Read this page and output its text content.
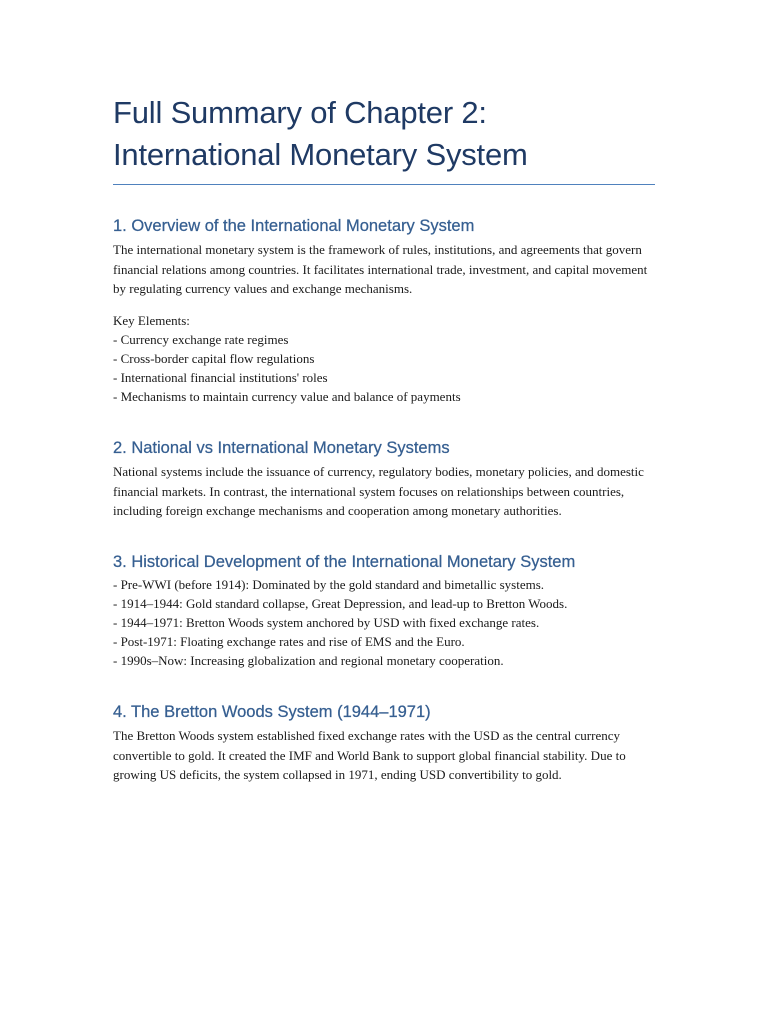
Full Summary of Chapter 2:
International Monetary System
1. Overview of the International Monetary System

The international monetary system is the framework of rules, institutions, and agreements that govern financial relations among countries. It facilitates international trade, investment, and capital movement by regulating currency values and exchange mechanisms.

Key Elements:

- Currency exchange rate regimes
- Cross-border capital flow regulations
- International financial institutions' roles
- Mechanisms to maintain currency value and balance of payments
2. National vs International Monetary Systems

National systems include the issuance of currency, regulatory bodies, monetary policies, and domestic financial markets. In contrast, the international system focuses on relationships between countries, including foreign exchange mechanisms and cooperation among monetary authorities.

3. Historical Development of the International Monetary System
- Pre-WWI (before 1914): Dominated by the gold standard and bimetallic systems.
- 1914–1944: Gold standard collapse, Great Depression, and lead-up to Bretton Woods.
- 1944–1971: Bretton Woods system anchored by USD with fixed exchange rates.
- Post-1971: Floating exchange rates and rise of EMS and the Euro.
- 1990s–Now: Increasing globalization and regional monetary cooperation.
4. The Bretton Woods System (1944–1971)

The Bretton Woods system established fixed exchange rates with the USD as the central currency convertible to gold. It created the IMF and World Bank to support global financial stability. Due to growing US deficits, the system collapsed in 1971, ending USD convertibility to gold.
